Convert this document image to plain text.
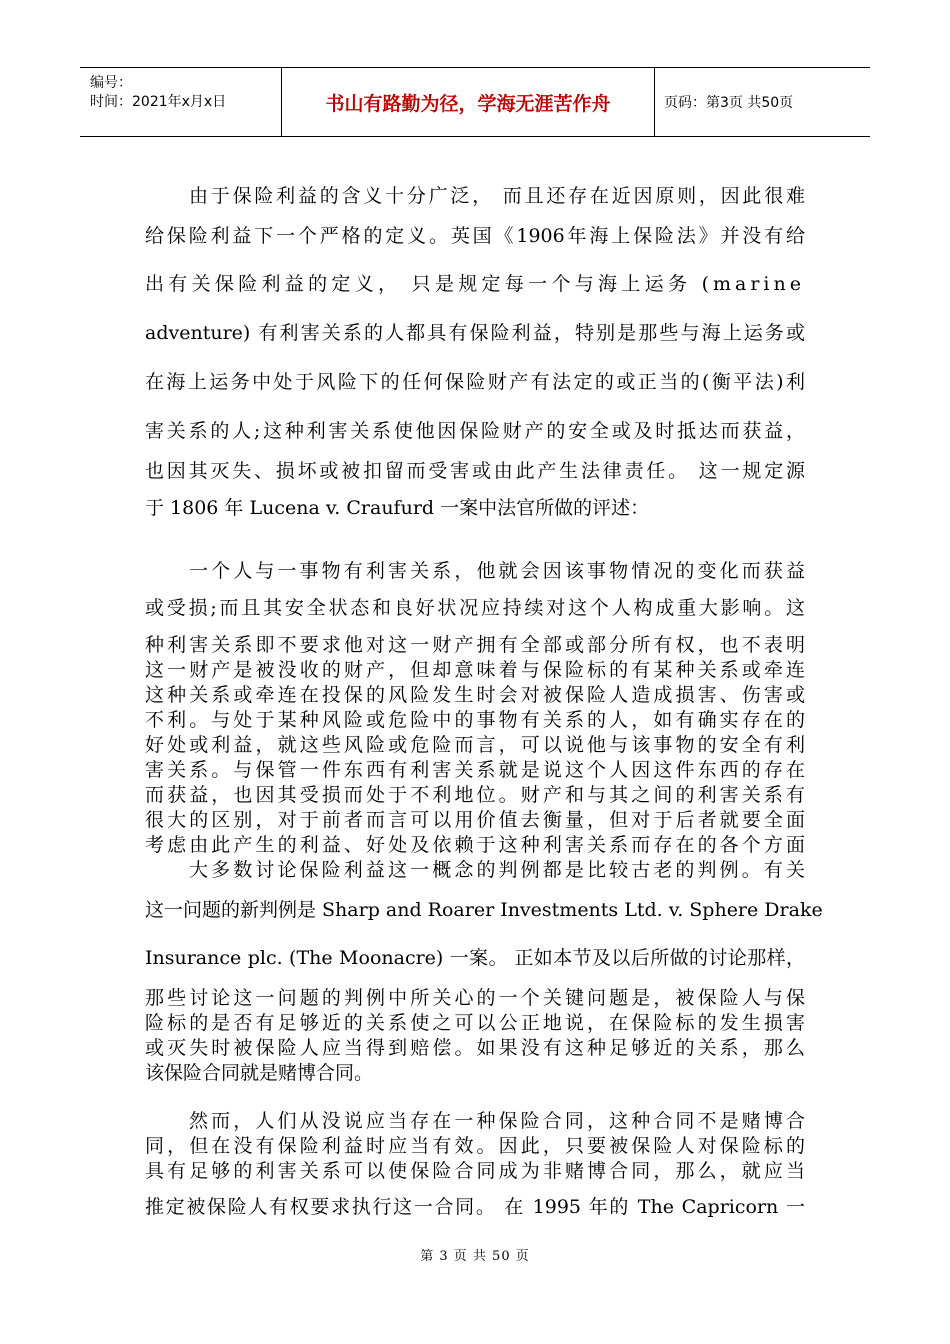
编号：
时间：2021年x月x日	书山有路勤为径，学海无涯苦作舟	页码：第3页 共50页
由于保险利益的含义十分广泛， 而且还存在近因原则，因此很难
给保险利益下一个严格的定义。英国《1906年海上保险法》并没有给
出有关保险利益的定义， 只是规定每一个与海上运务 (marine
adventure) 有利害关系的人都具有保险利益，特别是那些与海上运务或
在海上运务中处于风险下的任何保险财产有法定的或正当的(衡平法)利
害关系的人;这种利害关系使他因保险财产的安全或及时抵达而获益，
也因其灭失、损坏或被扣留而受害或由此产生法律责任。 这一规定源
于 1806 年 Lucena v. Craufurd 一案中法官所做的评述：
一个人与一事物有利害关系，他就会因该事物情况的变化而获益
或受损;而且其安全状态和良好状况应持续对这个人构成重大影响。这
种利害关系即不要求他对这一财产拥有全部或部分所有权，也不表明
这一财产是被没收的财产，但却意味着与保险标的有某种关系或牵连
这种关系或牵连在投保的风险发生时会对被保险人造成损害、伤害或
不利。与处于某种风险或危险中的事物有关系的人，如有确实存在的
好处或利益，就这些风险或危险而言，可以说他与该事物的安全有利
害关系。与保管一件东西有利害关系就是说这个人因这件东西的存在
而获益，也因其受损而处于不利地位。财产和与其之间的利害关系有
很大的区别，对于前者而言可以用价值去衡量，但对于后者就要全面
考虑由此产生的利益、好处及依赖于这种利害关系而存在的各个方面
大多数讨论保险利益这一概念的判例都是比较古老的判例。有关
这一问题的新判例是 Sharp and Roarer Investments Ltd. v. Sphere Drake
Insurance plc. (The Moonacre) 一案。 正如本节及以后所做的讨论那样，
那些讨论这一问题的判例中所关心的一个关键问题是，被保险人与保
险标的是否有足够近的关系使之可以公正地说，在保险标的发生损害
或灭失时被保险人应当得到赔偿。如果没有这种足够近的关系，那么
该保险合同就是赌博合同。
然而，人们从没说应当存在一种保险合同，这种合同不是赌博合
同，但在没有保险利益时应当有效。因此，只要被保险人对保险标的
具有足够的利害关系可以使保险合同成为非赌博合同，那么，就应当
推定被保险人有权要求执行这一合同。 在 1995 年的 The Capricorn 一
第 3 页 共 50 页
